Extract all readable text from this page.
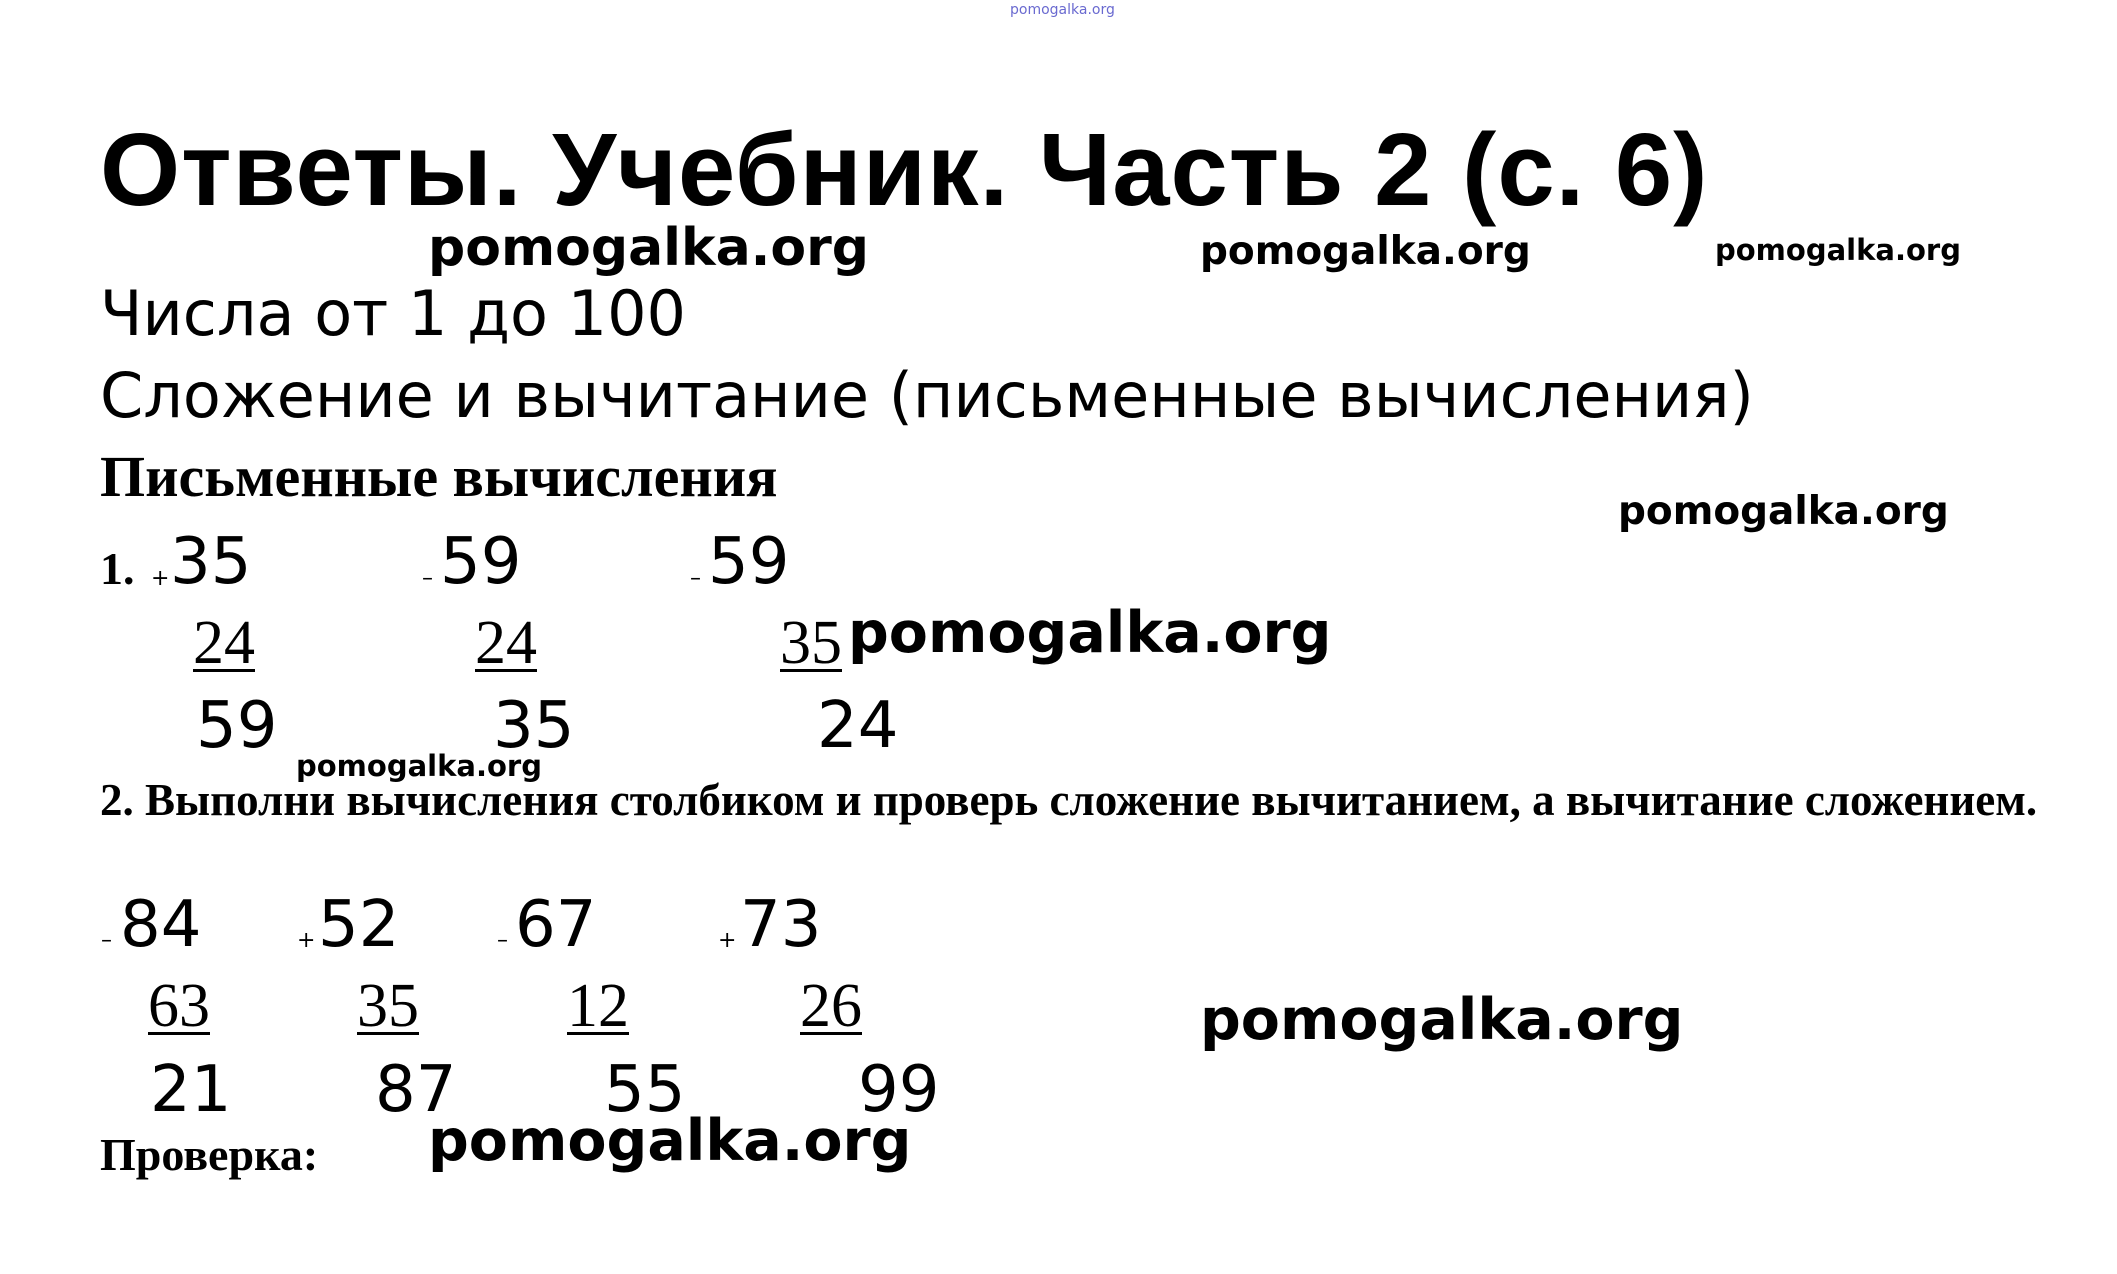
pomogalka.org
Ответы. Учебник. Часть 2 (с. 6)
pomogalka.org	pomogalka.org	pomogalka.org
Числа от 1 до 100
Сложение и вычитание (письменные вычисления)
Письменные вычисления
pomogalka.org
1. + 35
24
59
– 59
24
35
– 59
35
24
pomogalka.org
pomogalka.org
2. Выполни вычисления столбиком и проверь сложение вычитанием, а вычитание сложением.
– 84
63
21
+ 52
35
87
– 67
12
55
+ 73
26
99
pomogalka.org
Проверка: pomogalka.org
